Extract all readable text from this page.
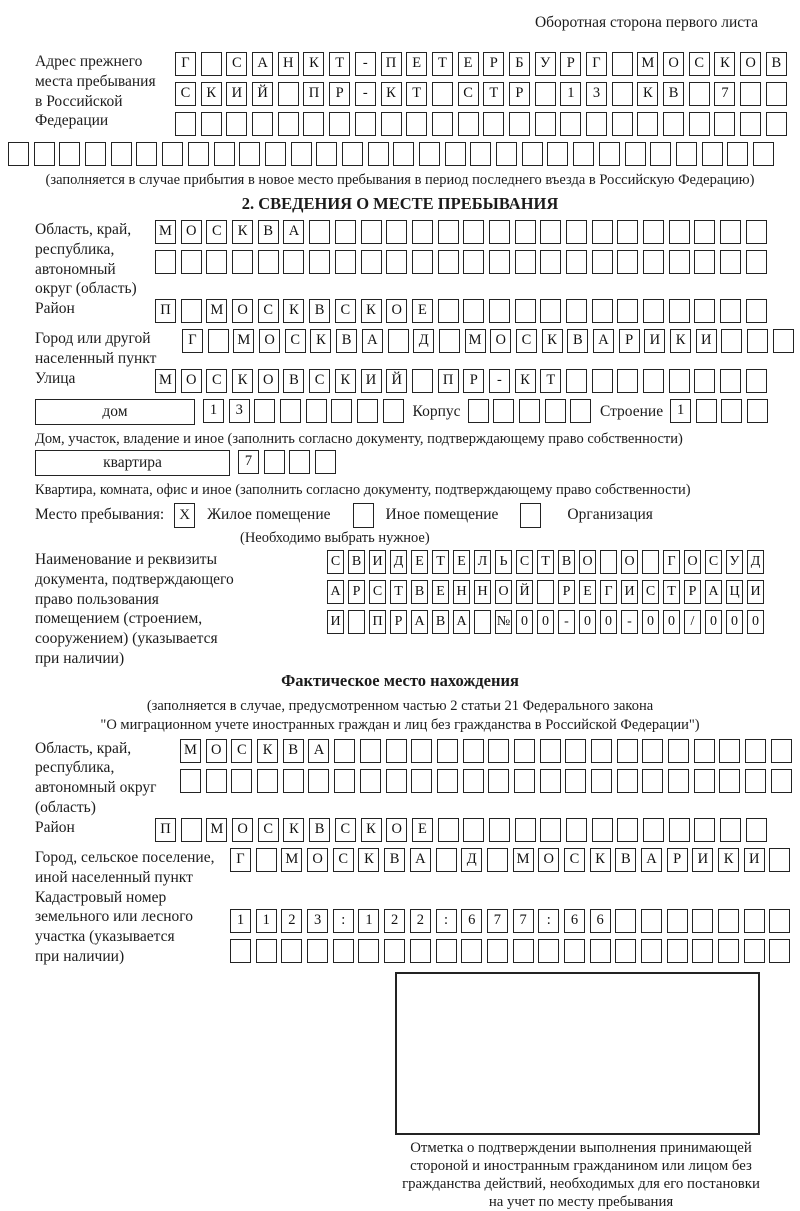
Оборотная сторона первого листа
Адрес прежнего
места пребывания
в Российской
Федерации
Г	С А Н К Т - П Е Т Е Р Б У Р Г	М О С К О В
С К И Й	П Р - К Т	С Т Р	1 3	К В	7
(заполняется в случае прибытия в новое место пребывания в период последнего въезда в Российскую Федерацию)
2. СВЕДЕНИЯ О МЕСТЕ ПРЕБЫВАНИЯ
Область, край,
республика,
автономный
округ (область)
М О С К В А
Район	П	М О С К В С К О Е
Город или другой
населенный пункт
Г	М О С К В А	Д	М О С К В А Р И К И
Улица	М О С К О В С К И Й	П Р - К Т
дом	1 3	Корпус	Строение 1
Дом, участок, владение и иное (заполнить согласно документу, подтверждающему право собственности)
квартира	7
Квартира, комната, офис и иное (заполнить согласно документу, подтверждающему право собственности)
Место пребывания:	X	Жилое помещение	Иное помещение	Организация
(Необходимо выбрать нужное)
Наименование и реквизиты
документа, подтверждающего
право пользования
помещением (строением,
сооружением) (указывается
при наличии)
С В И Д Е Т Е Л Ь С Т В О О Г О С У Д
А Р С Т В Е Н Н О Й Р Е Г И С Т Р А Ц И
И П Р А В А № 0 0 - 0 0 - 0 0 / 0 0 0
Фактическое место нахождения
(заполняется в случае, предусмотренном частью 2 статьи 21 Федерального закона
"О миграционном учете иностранных граждан и лиц без гражданства в Российской Федерации")
Область, край,
республика,
автономный округ
(область)
М О С К В А
Район	П	М О С К В С К О Е
Город, сельское поселение,
иной населенный пункт
Г	М О С К В А	Д	М О С К В А Р И К И
Кадастровый номер
земельного или лесного
участка (указывается
при наличии)
1 1 2 3 : 1 2 2 : 6 7 7 : 6 6
Отметка о подтверждении выполнения принимающей
стороной и иностранным гражданином или лицом без
гражданства действий, необходимых для его постановки
на учет по месту пребывания
